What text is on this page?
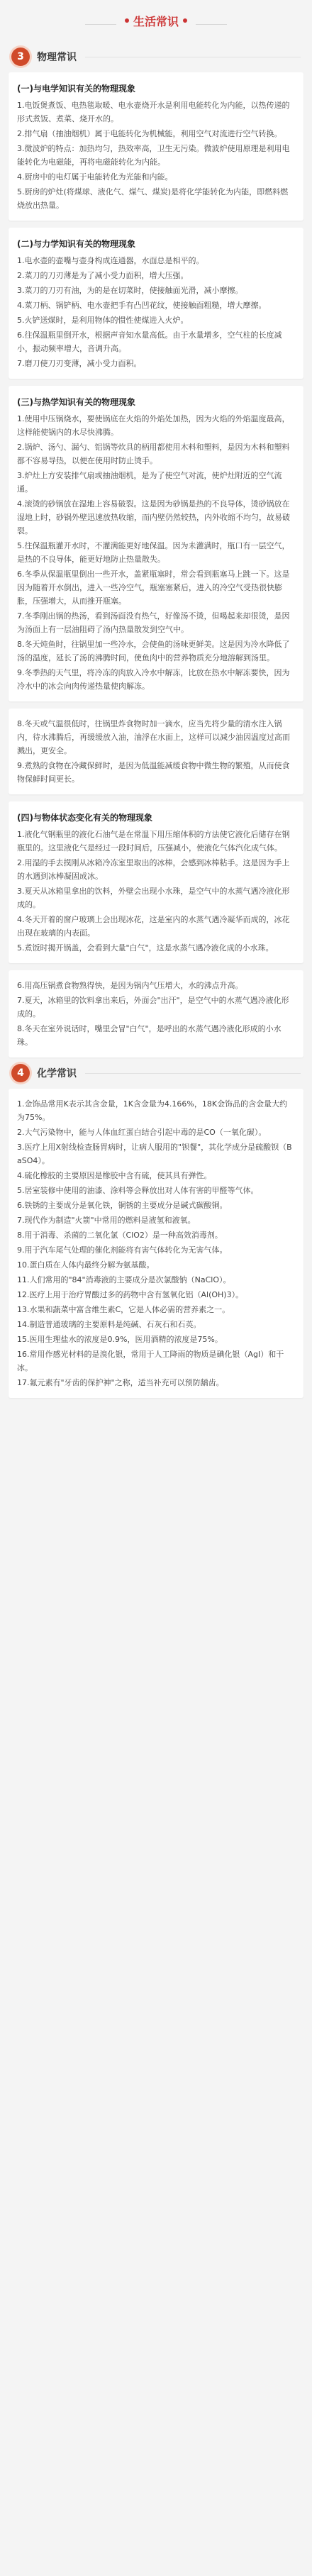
生活常识
3	物理常识
(一)与电学知识有关的物理现象

1.电饭煲煮饭、电热毯取暖、电水壶烧开水是利用电能转化为内能，以热传递的形式煮饭、煮菜、烧开水的。

2.排气扇（抽油烟机）属于电能转化为机械能，利用空气对流进行空气转换。

3.微波炉的特点：加热均匀，热效率高，卫生无污染。微波炉使用原理是利用电能转化为电磁能，再将电磁能转化为内能。

4.厨房中的电灯属于电能转化为光能和内能。

5.厨房的炉灶(将煤球、液化气、煤气、煤炭)是将化学能转化为内能，即燃料燃烧放出热量。

(二)与力学知识有关的物理现象

1.电水壶的壶嘴与壶身构成连通器，水面总是相平的。

2.菜刀的刀刃薄是为了减小受力面积，增大压强。

3.菜刀的刀刃有油，为的是在切菜时，使接触面光滑，减小摩擦。

4.菜刀柄、锅铲柄、电水壶把手有凸凹花纹，使接触面粗糙，增大摩擦。

5.火铲送煤时，是利用物体的惯性使煤进入火炉。

6.往保温瓶里倒开水，根据声音知水量高低。由于水量增多，空气柱的长度减小，振动频率增大，音调升高。

7.磨刀使刀刃变薄，减小受力面积。

(三)与热学知识有关的物理现象

1.使用中压锅烧水，要使锅底在火焰的外焰处加热，因为火焰的外焰温度最高，这样能使锅内的水尽快沸腾。

2.锅炉、汤勺、漏勺、铝锅等炊具的柄用都使用木料和塑料，是因为木料和塑料都不容易导热，以便在使用时防止烫手。

3.炉灶上方安装排气扇或抽油烟机，是为了使空气对流，使炉灶附近的空气流通。

4.滚烫的砂锅放在湿地上容易破裂。这是因为砂锅是热的不良导体，烫砂锅放在湿地上时，砂锅外壁迅速放热收缩，而内壁仍然较热，内外收缩不均匀，故易破裂。

5.往保温瓶灌开水时，不灌满能更好地保温。因为未灌满时，瓶口有一层空气，是热的不良导体，能更好地防止热量散失。

6.冬季从保温瓶里倒出一些开水，盖紧瓶塞时，常会看到瓶塞马上跳一下。这是因为随着开水倒出，进入一些冷空气，瓶塞塞紧后，进入的冷空气受热很快膨胀，压强增大，从而推开瓶塞。

7.冬季刚出锅的热汤，看到汤面没有热气，好像汤不烫，但喝起来却很烫，是因为汤面上有一层油阻碍了汤内热量散发到空气中。

8.冬天炖鱼时，往锅里加一些冷水，会使鱼的汤味更鲜美。这是因为冷水降低了汤的温度，延长了汤的沸腾时间，使鱼肉中的营养物质充分地溶解到汤里。

9.冬季热的天气里，将冷冻的肉放入冷水中解冻，比放在热水中解冻要快，因为冷水中的冰会向肉传递热量使肉解冻。

8.冬天或气温很低时，往锅里炸食物时加一滴水，应当先将少量的清水注入锅内，待水沸腾后，再缓缓放入油，油浮在水面上，这样可以减少油因温度过高而溅出，更安全。

9.煮熟的食物在冷藏保鲜时，是因为低温能减缓食物中微生物的繁殖，从而使食物保鲜时间更长。

(四)与物体状态变化有关的物理现象

1.液化气钢瓶里的液化石油气是在常温下用压缩体积的方法使它液化后储存在钢瓶里的。这里液化气是经过一段时间后，压强减小，使液化气体汽化成气体。

2.用湿的手去摸刚从冰箱冷冻室里取出的冰棒，会感到冰棒粘手。这是因为手上的水遇到冰棒凝固成冰。

3.夏天从冰箱里拿出的饮料，外壁会出现小水珠，是空气中的水蒸气遇冷液化形成的。

4.冬天开着的窗户玻璃上会出现冰花，这是室内的水蒸气遇冷凝华而成的，冰花出现在玻璃的内表面。

5.煮饭时揭开锅盖，会看到大量"白气"，这是水蒸气遇冷液化成的小水珠。

6.用高压锅煮食物熟得快，是因为锅内气压增大，水的沸点升高。

7.夏天，冰箱里的饮料拿出来后，外面会"出汗"，是空气中的水蒸气遇冷液化形成的。

8.冬天在室外说话时，嘴里会冒"白气"，是呼出的水蒸气遇冷液化形成的小水珠。

4	化学常识

1.金饰品常用K表示其含金量，1K含金量为4.166%，18K金饰品的含金量大约为75%。

2.大气污染物中，能与人体血红蛋白结合引起中毒的是CO（一氧化碳）。

3.医疗上用X射线检查肠胃病时，让病人服用的"钡餐"，其化学成分是硫酸钡（BaSO4）。

4.硫化橡胶的主要原因是橡胶中含有硫，使其具有弹性。

5.居室装修中使用的油漆、涂料等会释放出对人体有害的甲醛等气体。

6.铁锈的主要成分是氧化铁，铜锈的主要成分是碱式碳酸铜。

7.现代作为制造"火箭"中常用的燃料是液氢和液氧。

8.用于消毒、杀菌的二氧化氯（ClO2）是一种高效消毒剂。

9.用于汽车尾气处理的催化剂能将有害气体转化为无害气体。

10.蛋白质在人体内最终分解为氨基酸。

11.人们常用的"84"消毒液的主要成分是次氯酸钠（NaClO）。

12.医疗上用于治疗胃酸过多的药物中含有氢氧化铝（Al(OH)3）。

13.水果和蔬菜中富含维生素C，它是人体必需的营养素之一。

14.制造普通玻璃的主要原料是纯碱、石灰石和石英。

15.医用生理盐水的浓度是0.9%，医用酒精的浓度是75%。

16.常用作感光材料的是溴化银，常用于人工降雨的物质是碘化银（AgI）和干冰。

17.氟元素有"牙齿的保护神"之称，适当补充可以预防龋齿。
